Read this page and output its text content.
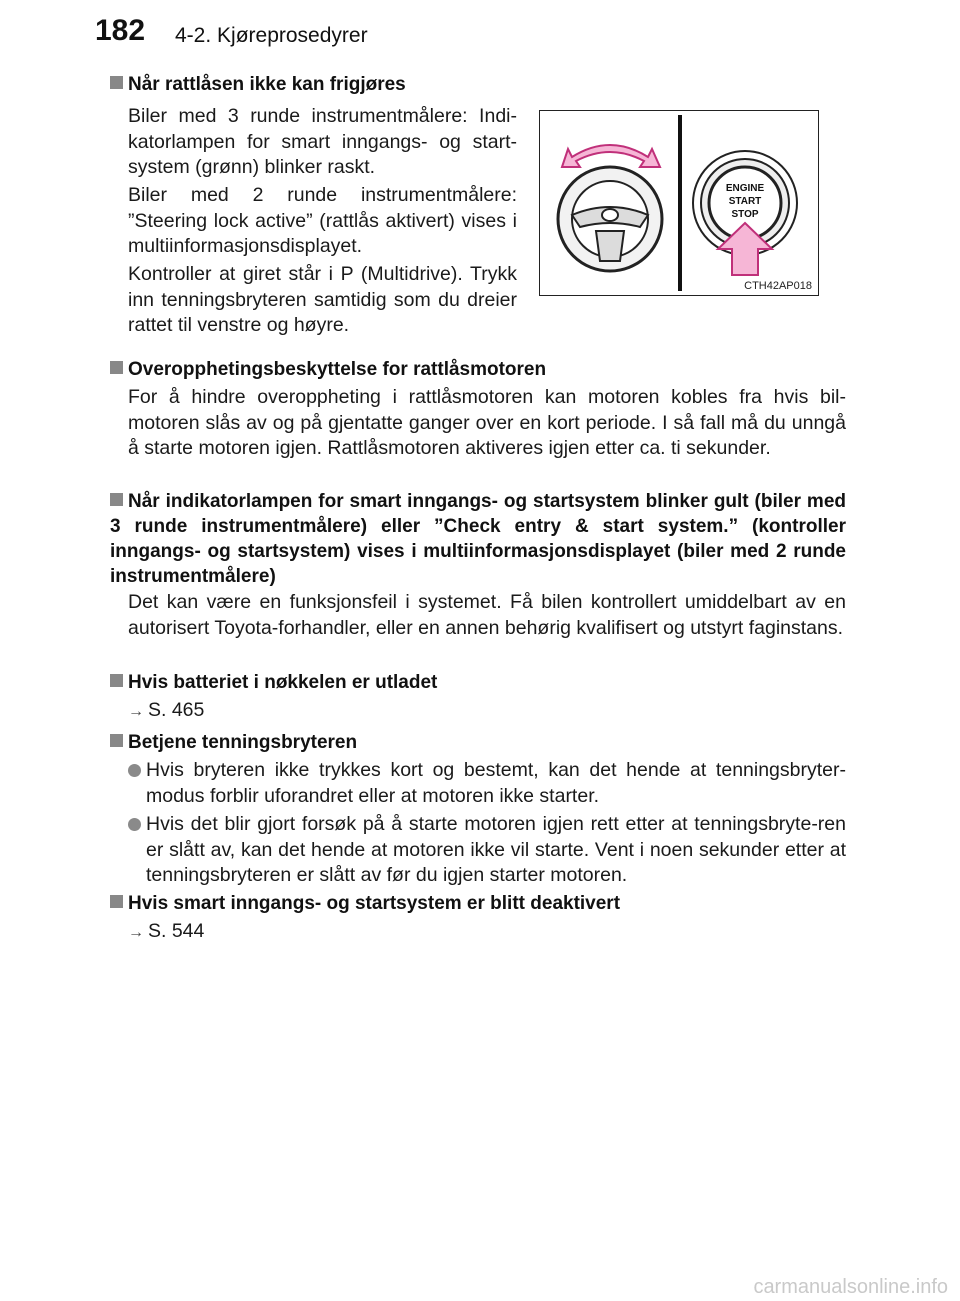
182 4-2. Kjøreprosedyrer
Når rattlåsen ikke kan frigjøres
Biler med 3 runde instrumentmålere: Indi-katorlampen for smart inngangs- og start-system (grønn) blinker raskt.
Biler med 2 runde instrumentmålere: ”Steering lock active” (rattlås aktivert) vises i multiinformasjonsdisplayet.
Kontroller at giret står i P (Multidrive). Trykk inn tenningsbryteren samtidig som du dreier rattet til venstre og høyre.
ENGINE
START
STOP
CTH42AP018
Overopphetingsbeskyttelse for rattlåsmotoren
For å hindre overoppheting i rattlåsmotoren kan motoren kobles fra hvis bil-motoren slås av og på gjentatte ganger over en kort periode. I så fall må du unngå å starte motoren igjen. Rattlåsmotoren aktiveres igjen etter ca. ti sekunder.
Når indikatorlampen for smart inngangs- og startsystem blinker gult (biler med 3 runde instrumentmålere) eller ”Check entry & start system.” (kontroller inngangs- og startsystem) vises i multiinformasjonsdisplayet (biler med 2 runde instrumentmålere)
Det kan være en funksjonsfeil i systemet. Få bilen kontrollert umiddelbart av en autorisert Toyota-forhandler, eller en annen behørig kvalifisert og utstyrt faginstans.
Hvis batteriet i nøkkelen er utladet
→ S. 465
Betjene tenningsbryteren
Hvis bryteren ikke trykkes kort og bestemt, kan det hende at tenningsbryter-modus forblir uforandret eller at motoren ikke starter.
Hvis det blir gjort forsøk på å starte motoren igjen rett etter at tenningsbryte-ren er slått av, kan det hende at motoren ikke vil starte. Vent i noen sekunder etter at tenningsbryteren er slått av før du igjen starter motoren.
Hvis smart inngangs- og startsystem er blitt deaktivert
→ S. 544
carmanualsonline.info
